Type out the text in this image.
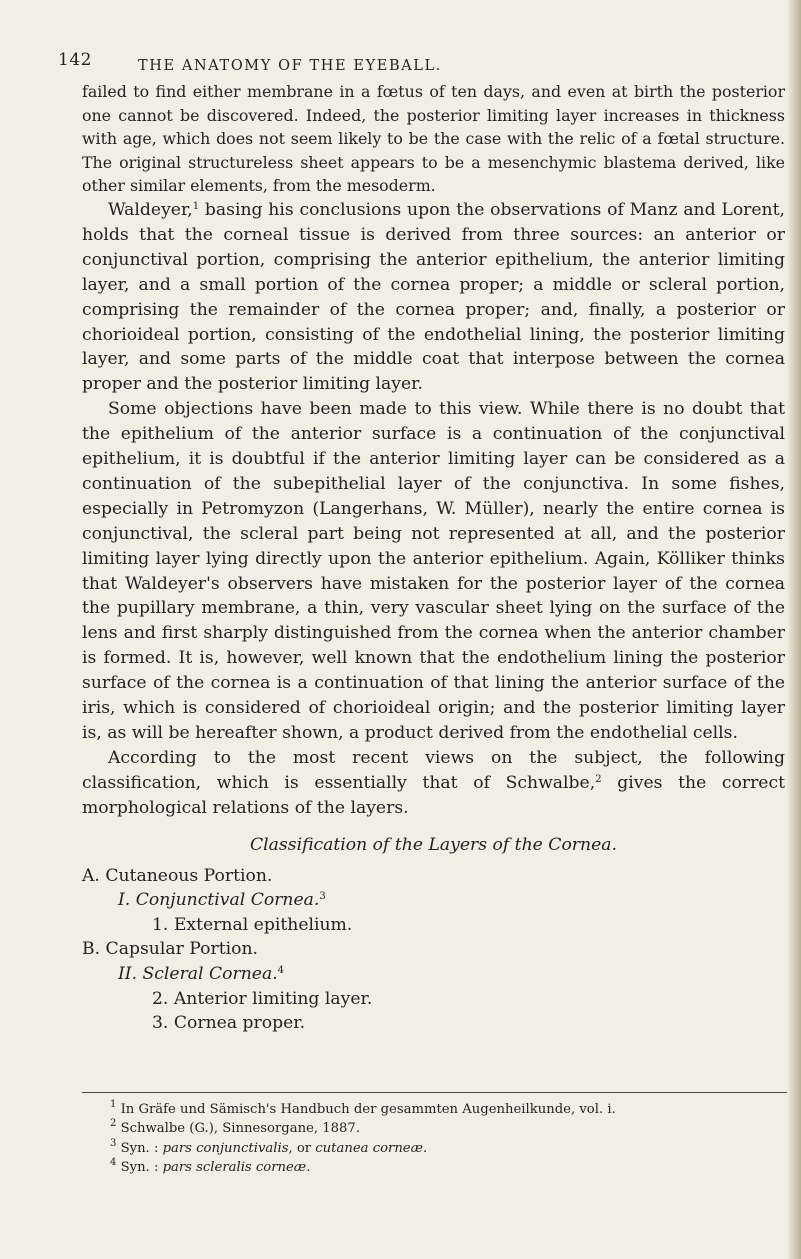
142	THE ANATOMY OF THE EYEBALL.

failed to find either membrane in a fœtus of ten days, and even at birth the posterior one cannot be discovered. Indeed, the posterior limiting layer increases in thickness with age, which does not seem likely to be the case with the relic of a fœtal structure. The original structureless sheet appears to be a mesenchymic blastema derived, like other similar elements, from the mesoderm.

Waldeyer,$^1$ basing his conclusions upon the observations of Manz and Lorent, holds that the corneal tissue is derived from three sources: an anterior or conjunctival portion, comprising the anterior epithelium, the anterior limiting layer, and a small portion of the cornea proper; a middle or scleral portion, comprising the remainder of the cornea proper; and, finally, a posterior or chorioideal portion, consisting of the endothelial lining, the posterior limiting layer, and some parts of the middle coat that interpose between the cornea proper and the posterior limiting layer.

Some objections have been made to this view. While there is no doubt that the epithelium of the anterior surface is a continuation of the conjunctival epithelium, it is doubtful if the anterior limiting layer can be considered as a continuation of the subepithelial layer of the conjunctiva. In some fishes, especially in Petromyzon (Langerhans, W. Müller), nearly the entire cornea is conjunctival, the scleral part being not represented at all, and the posterior limiting layer lying directly upon the anterior epithelium. Again, Kölliker thinks that Waldeyer's observers have mistaken for the posterior layer of the cornea the pupillary membrane, a thin, very vascular sheet lying on the surface of the lens and first sharply distinguished from the cornea when the anterior chamber is formed. It is, however, well known that the endothelium lining the posterior surface of the cornea is a continuation of that lining the anterior surface of the iris, which is considered of chorioideal origin; and the posterior limiting layer is, as will be hereafter shown, a product derived from the endothelial cells.

According to the most recent views on the subject, the following classification, which is essentially that of Schwalbe,$^2$ gives the correct morphological relations of the layers.

Classification of the Layers of the Cornea.
A. Cutaneous Portion.
I. Conjunctival Cornea.$^3$
1. External epithelium.
B. Capsular Portion.
II. Scleral Cornea.$^4$
2. Anterior limiting layer.
3. Cornea proper.
$^1$ In Gräfe und Sämisch's Handbuch der gesammten Augenheilkunde, vol. i.
$^2$ Schwalbe (G.), Sinnesorgane, 1887.
$^3$ Syn. : pars conjunctivalis, or cutanea corneæ.
$^4$ Syn. : pars scleralis corneæ.
